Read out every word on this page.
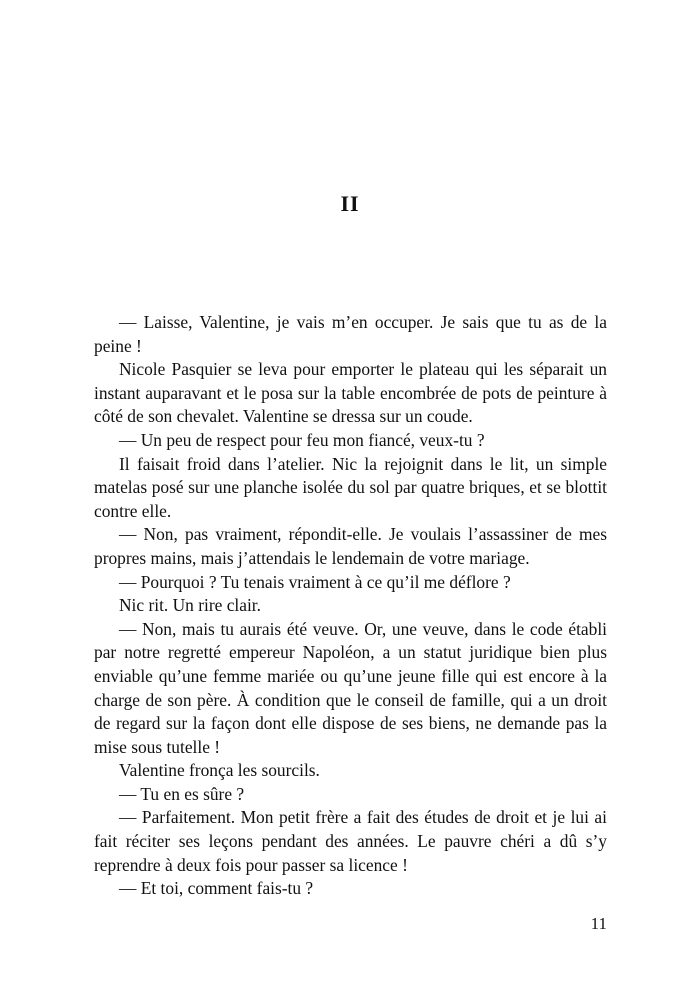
II

— Laisse, Valentine, je vais m’en occuper. Je sais que tu as de la peine !

Nicole Pasquier se leva pour emporter le plateau qui les séparait un instant auparavant et le posa sur la table encombrée de pots de peinture à côté de son chevalet. Valentine se dressa sur un coude.

— Un peu de respect pour feu mon fiancé, veux-tu ?

Il faisait froid dans l’atelier. Nic la rejoignit dans le lit, un simple matelas posé sur une planche isolée du sol par quatre briques, et se blottit contre elle.

— Non, pas vraiment, répondit-elle. Je voulais l’assassiner de mes propres mains, mais j’attendais le lendemain de votre mariage.

— Pourquoi ? Tu tenais vraiment à ce qu’il me déflore ?

Nic rit. Un rire clair.

— Non, mais tu aurais été veuve. Or, une veuve, dans le code établi par notre regretté empereur Napoléon, a un statut juridique bien plus enviable qu’une femme mariée ou qu’une jeune fille qui est encore à la charge de son père. À condition que le conseil de famille, qui a un droit de regard sur la façon dont elle dispose de ses biens, ne demande pas la mise sous tutelle !

Valentine fronça les sourcils.

— Tu en es sûre ?

— Parfaitement. Mon petit frère a fait des études de droit et je lui ai fait réciter ses leçons pendant des années. Le pauvre chéri a dû s’y reprendre à deux fois pour passer sa licence !

— Et toi, comment fais-tu ?

11
